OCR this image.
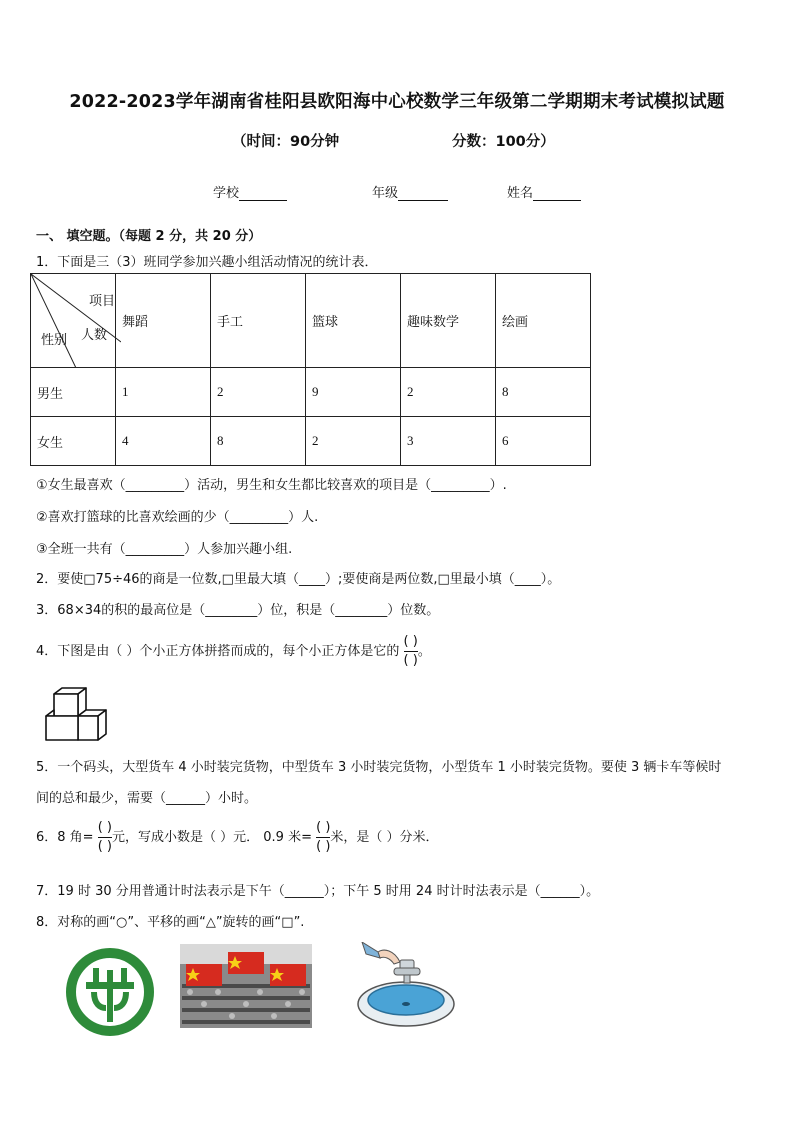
2022-2023学年湖南省桂阳县欧阳海中心校数学三年级第二学期期末考试模拟试题
（时间：90分钟	分数：100分）
学校	年级	姓名
一、 填空题。（每题 2 分，共 20 分）
1．下面是三（3）班同学参加兴趣小组活动情况的统计表．
项目
人数
性别	舞蹈	手工	篮球	趣味数学	绘画
男生	1	2	9	2	8
女生	4	8	2	3	6
①女生最喜欢（_________）活动，男生和女生都比较喜欢的项目是（_________）.
②喜欢打篮球的比喜欢绘画的少（_________）人.
③全班一共有（_________）人参加兴趣小组.
2．要使□75÷46的商是一位数,□里最大填（____）;要使商是两位数,□里最小填（____）。
3．68×34的积的最高位是（________）位，积是（________）位数。
4．下图是由（ ）个小正方体拼搭而成的，每个小正方体是它的 $\frac{( )}{( )}$ 。
5．一个码头，大型货车 4 小时装完货物，中型货车 3 小时装完货物，小型货车 1 小时装完货物。要使 3 辆卡车等候时
间的总和最少，需要（______）小时。
6．8 角= $\frac{( )}{( )}$ 元，写成小数是（ ）元． 0.9 米= $\frac{( )}{( )}$ 米，是（ ）分米．
7．19 时 30 分用普通计时法表示是下午（______）；下午 5 时用 24 时计时法表示是（______）。
8．对称的画“○”、平移的画“△”旋转的画“□”.
